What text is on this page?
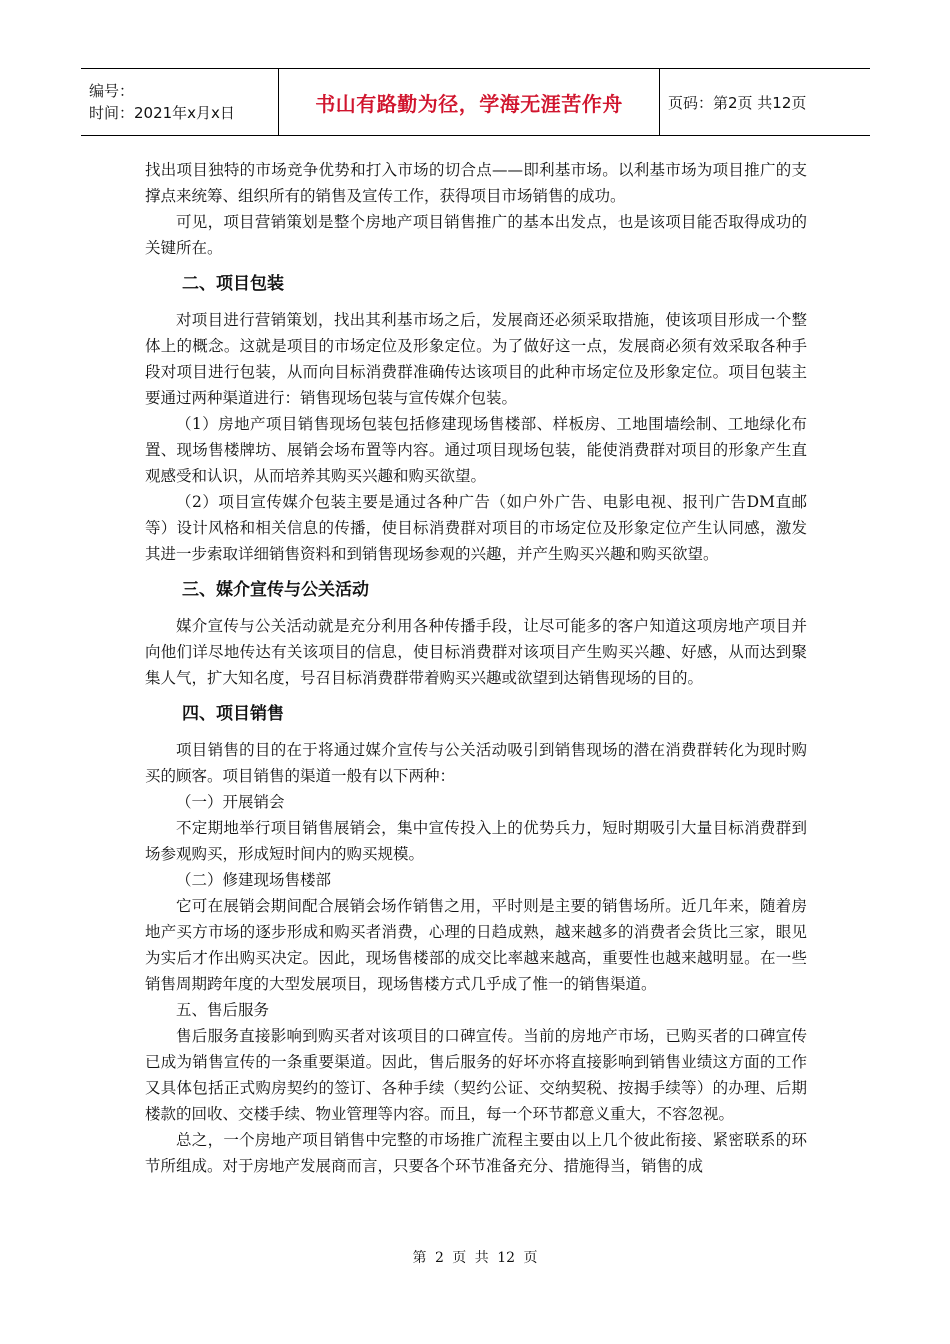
编号：
时间：2021年x月x日	书山有路勤为径，学海无涯苦作舟	页码：第2页 共12页

找出项目独特的市场竞争优势和打入市场的切合点——即利基市场。以利基市场为项目推广的支撑点来统筹、组织所有的销售及宣传工作，获得项目市场销售的成功。

可见，项目营销策划是整个房地产项目销售推广的基本出发点，也是该项目能否取得成功的关键所在。

二、项目包装

对项目进行营销策划，找出其利基市场之后，发展商还必须采取措施，使该项目形成一个整体上的概念。这就是项目的市场定位及形象定位。为了做好这一点，发展商必须有效采取各种手段对项目进行包装，从而向目标消费群准确传达该项目的此种市场定位及形象定位。项目包装主要通过两种渠道进行：销售现场包装与宣传媒介包装。

（1）房地产项目销售现场包装包括修建现场售楼部、样板房、工地围墙绘制、工地绿化布置、现场售楼牌坊、展销会场布置等内容。通过项目现场包装，能使消费群对项目的形象产生直观感受和认识，从而培养其购买兴趣和购买欲望。

（2）项目宣传媒介包装主要是通过各种广告（如户外广告、电影电视、报刊广告DM直邮等）设计风格和相关信息的传播，使目标消费群对项目的市场定位及形象定位产生认同感，激发其进一步索取详细销售资料和到销售现场参观的兴趣，并产生购买兴趣和购买欲望。

三、媒介宣传与公关活动

媒介宣传与公关活动就是充分利用各种传播手段，让尽可能多的客户知道这项房地产项目并向他们详尽地传达有关该项目的信息，使目标消费群对该项目产生购买兴趣、好感，从而达到聚集人气，扩大知名度，号召目标消费群带着购买兴趣或欲望到达销售现场的目的。

四、项目销售

项目销售的目的在于将通过媒介宣传与公关活动吸引到销售现场的潜在消费群转化为现时购买的顾客。项目销售的渠道一般有以下两种：

（一）开展销会

不定期地举行项目销售展销会，集中宣传投入上的优势兵力，短时期吸引大量目标消费群到场参观购买，形成短时间内的购买规模。

（二）修建现场售楼部

它可在展销会期间配合展销会场作销售之用，平时则是主要的销售场所。近几年来，随着房地产买方市场的逐步形成和购买者消费，心理的日趋成熟，越来越多的消费者会货比三家，眼见为实后才作出购买决定。因此，现场售楼部的成交比率越来越高，重要性也越来越明显。在一些销售周期跨年度的大型发展项目，现场售楼方式几乎成了惟一的销售渠道。

五、售后服务

售后服务直接影响到购买者对该项目的口碑宣传。当前的房地产市场，已购买者的口碑宣传已成为销售宣传的一条重要渠道。因此，售后服务的好坏亦将直接影响到销售业绩这方面的工作又具体包括正式购房契约的签订、各种手续（契约公证、交纳契税、按揭手续等）的办理、后期楼款的回收、交楼手续、物业管理等内容。而且，每一个环节都意义重大，不容忽视。

总之，一个房地产项目销售中完整的市场推广流程主要由以上几个彼此衔接、紧密联系的环节所组成。对于房地产发展商而言，只要各个环节准备充分、措施得当，销售的成

第 2 页 共 12 页
